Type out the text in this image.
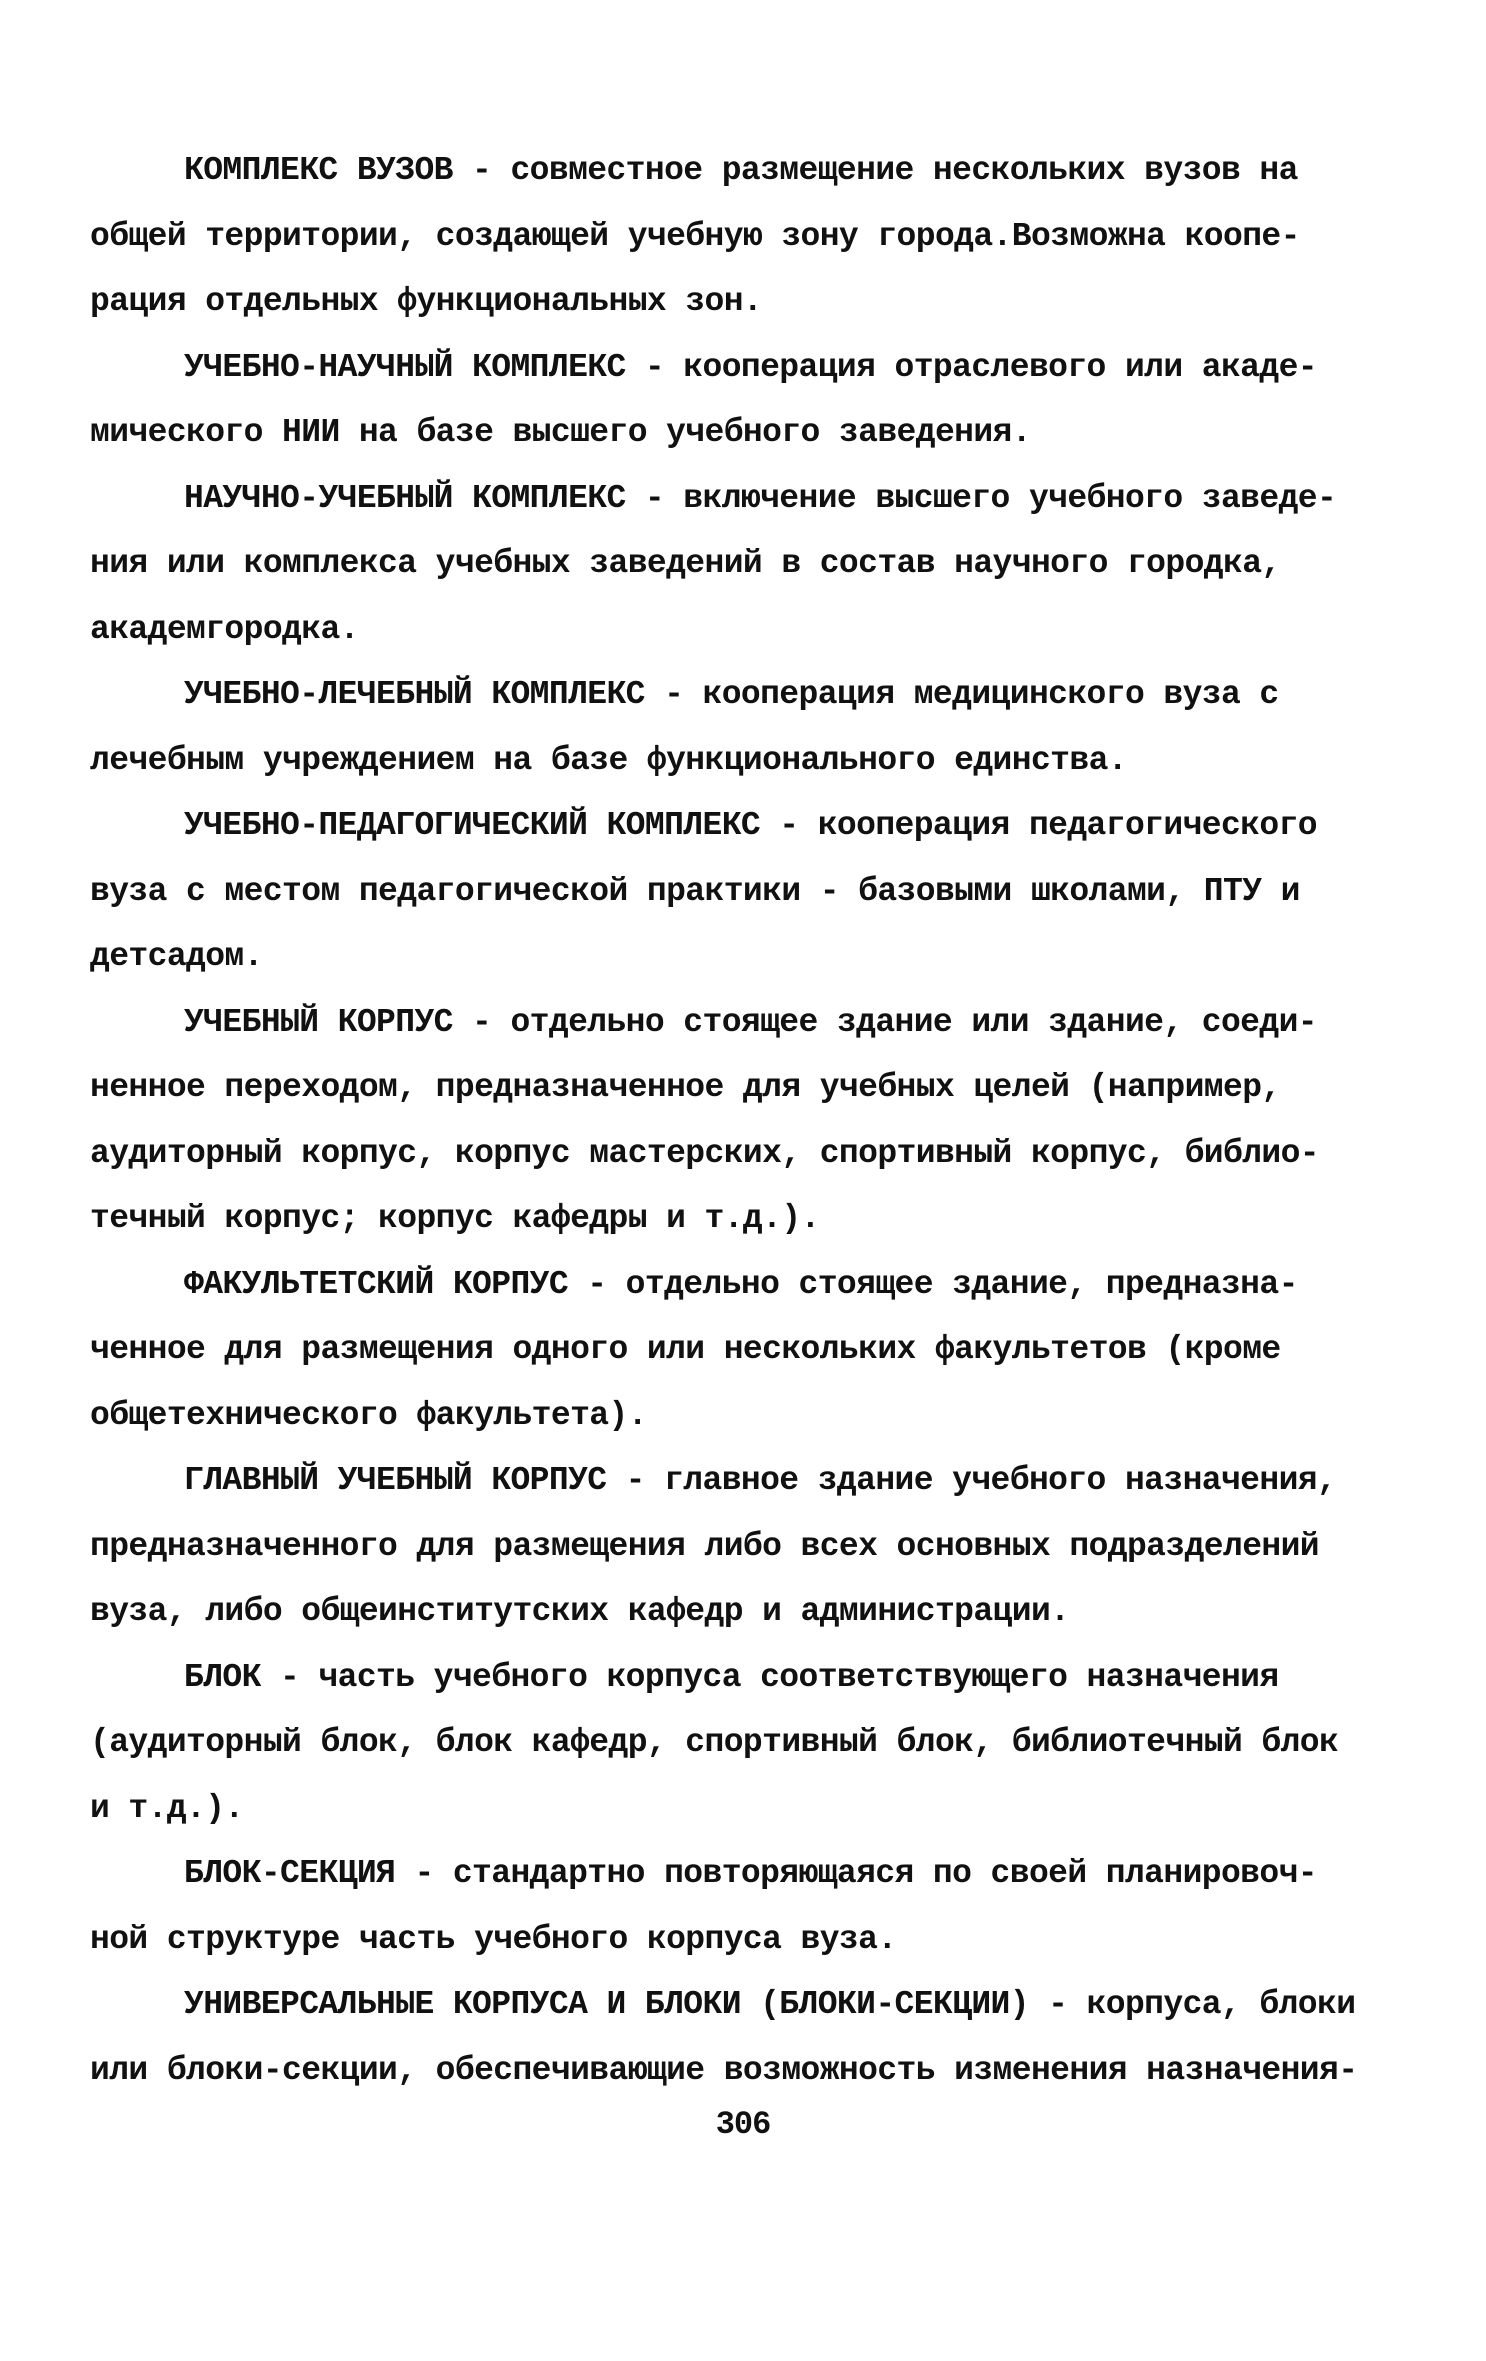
КОМПЛЕКС ВУЗОВ - совместное размещение нескольких вузов на
общей территории, создающей учебную зону города.Возможна коопе-
рация отдельных функциональных зон.
УЧЕБНО-НАУЧНЫЙ КОМПЛЕКС - кооперация отраслевого или акаде-
мического НИИ на базе высшего учебного заведения.
НАУЧНО-УЧЕБНЫЙ КОМПЛЕКС - включение высшего учебного заведе-
ния или комплекса учебных заведений в состав научного городка,
академгородка.
УЧЕБНО-ЛЕЧЕБНЫЙ КОМПЛЕКС - кооперация медицинского вуза с
лечебным учреждением на базе функционального единства.
УЧЕБНО-ПЕДАГОГИЧЕСКИЙ КОМПЛЕКС - кооперация педагогического
вуза с местом педагогической практики - базовыми школами, ПТУ и
детсадом.
УЧЕБНЫЙ КОРПУС - отдельно стоящее здание или здание, соеди-
ненное переходом, предназначенное для учебных целей (например,
аудиторный корпус, корпус мастерских, спортивный корпус, библио-
течный корпус; корпус кафедры и т.д.).
ФАКУЛЬТЕТСКИЙ КОРПУС - отдельно стоящее здание, предназна-
ченное для размещения одного или нескольких факультетов (кроме
общетехнического факультета).
ГЛАВНЫЙ УЧЕБНЫЙ КОРПУС - главное здание учебного назначения,
предназначенного для размещения либо всех основных подразделений
вуза, либо общеинститутских кафедр и администрации.
БЛОК - часть учебного корпуса соответствующего назначения
(аудиторный блок, блок кафедр, спортивный блок, библиотечный блок
и т.д.).
БЛОК-СЕКЦИЯ - стандартно повторяющаяся по своей планировоч-
ной структуре часть учебного корпуса вуза.
УНИВЕРСАЛЬНЫЕ КОРПУСА И БЛОКИ (БЛОКИ-СЕКЦИИ) - корпуса, блоки
или блоки-секции, обеспечивающие возможность изменения назначения-
306
